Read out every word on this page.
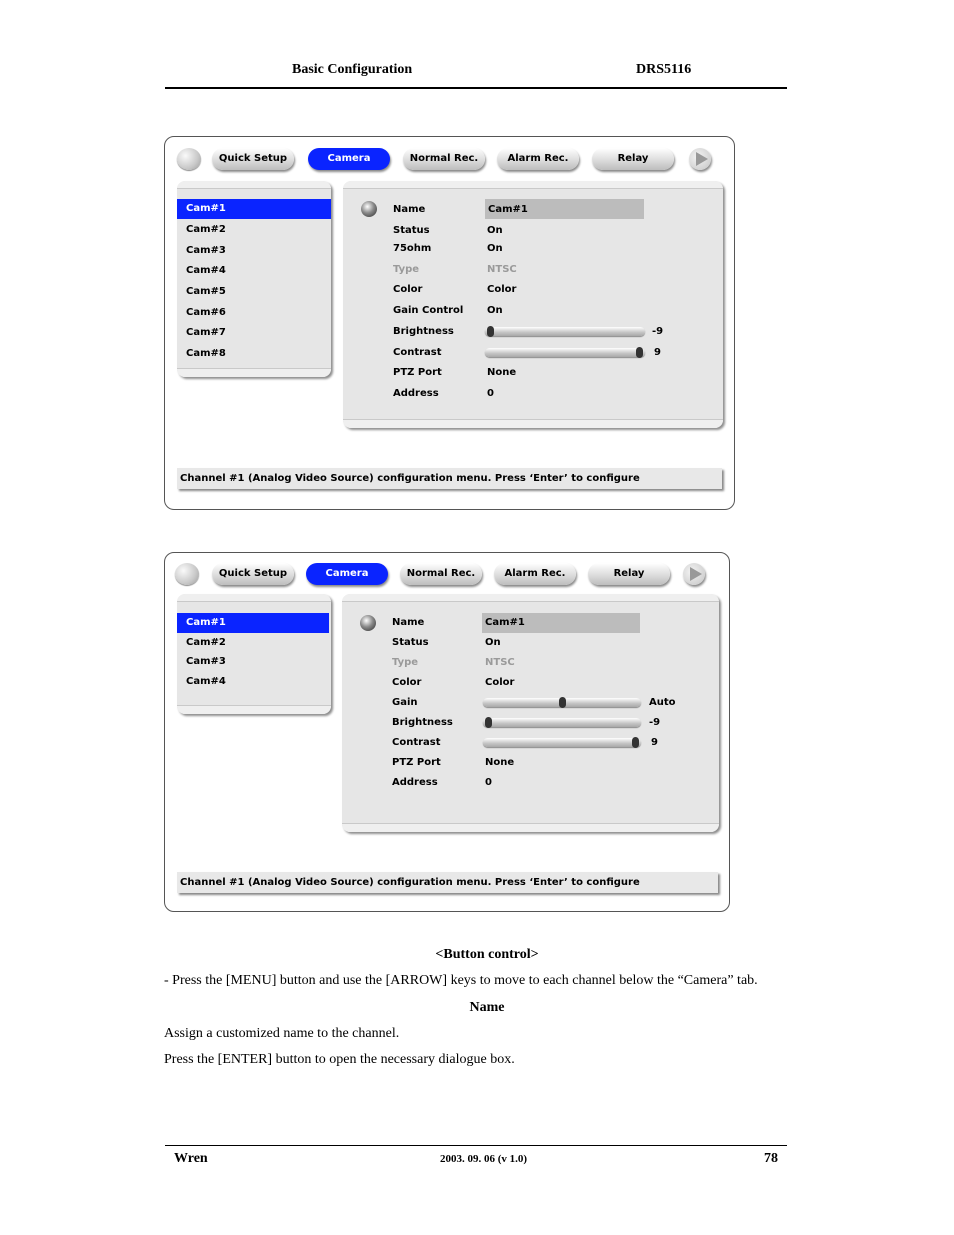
Basic Configuration	DRS5116
Quick Setup	Camera	Normal Rec.	Alarm Rec.	Relay
Cam#1
Cam#2
Cam#3
Cam#4
Cam#5
Cam#6
Cam#7
Cam#8
Name	Cam#1
Status	On
75ohm	On
Type	NTSC
Color	Color
Gain Control On
Brightness	-9
Contrast	9
PTZ Port	None
Address	0
Channel #1 (Analog Video Source) configuration menu. Press ‘Enter’ to configure
Quick Setup	Camera	Normal Rec.	Alarm Rec.	Relay
Cam#1
Cam#2
Cam#3
Cam#4
Name	Cam#1
Status	On
Type	NTSC
Color	Color
Gain	Auto
Brightness	-9
Contrast	9
PTZ Port	None
Address	0
Channel #1 (Analog Video Source) configuration menu. Press ‘Enter’ to configure
<Button control>
- Press the [MENU] button and use the [ARROW] keys to move to each channel below the “Camera” tab.
Name
Assign a customized name to the channel.
Press the [ENTER] button to open the necessary dialogue box.
Wren	2003. 09. 06 (v 1.0)	78
